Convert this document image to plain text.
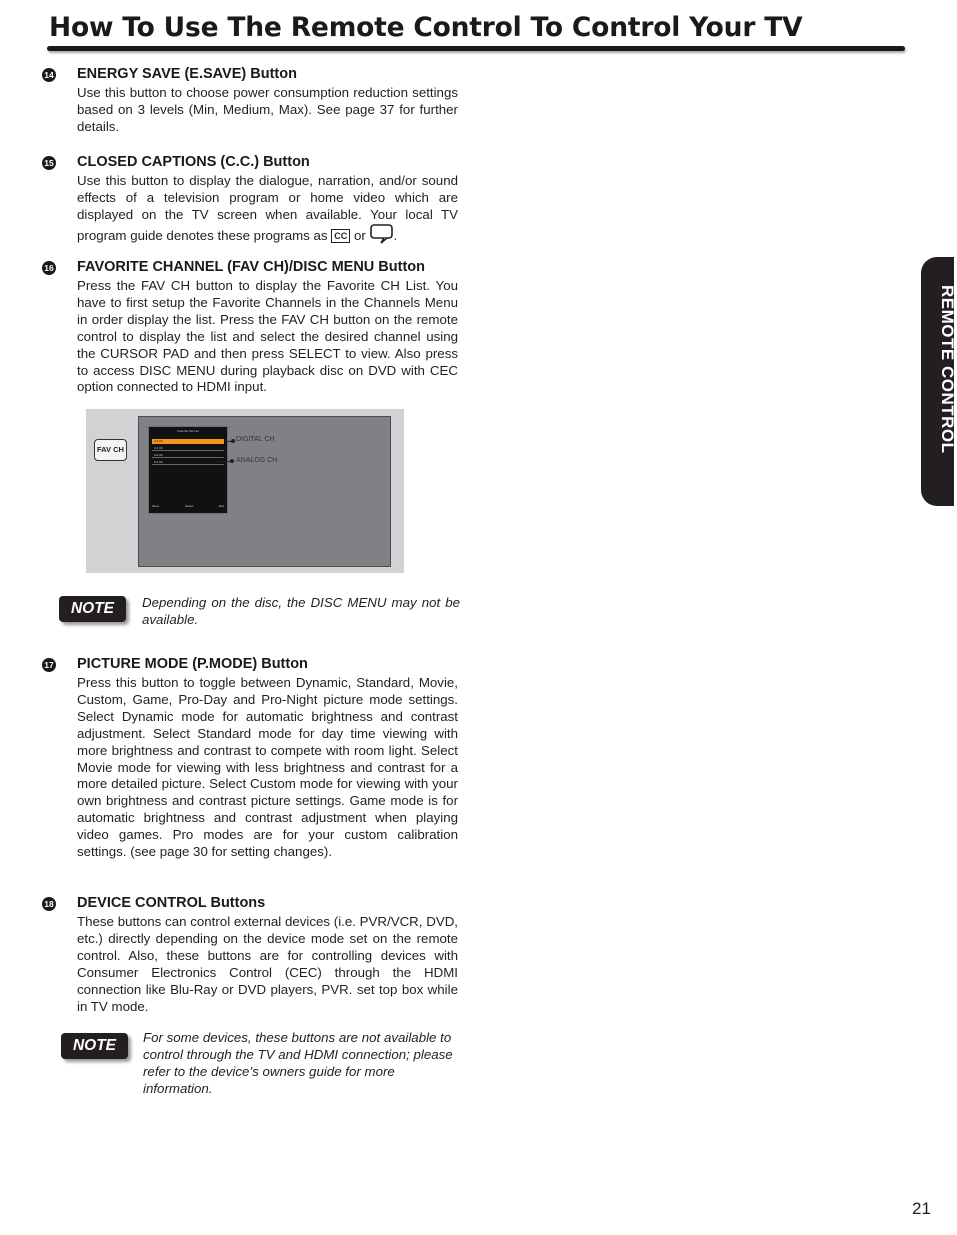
How To Use The Remote Control To Control Your TV
REMOTE CONTROL
14 ENERGY SAVE (E.SAVE) Button
Use this button to choose power consumption reduction settings based on 3 levels (Min, Medium, Max). See page 37 for further details.
15 CLOSED CAPTIONS (C.C.) Button
Use this button to display the dialogue, narration, and/or sound effects of a television program or home video which are displayed on the TV screen when available. Your local TV program guide denotes these programs as CC or .
16 FAVORITE CHANNEL (FAV CH)/DISC MENU Button
Press the FAV CH button to display the Favorite CH List. You have to first setup the Favorite Channels in the Channels Menu in order display the list. Press the FAV CH button on the remote control to display the list and select the desired channel using the CURSOR PAD and then press SELECT to view. Also press to access DISC MENU during playback disc on DVD with CEC option connected to HDMI input.
FAV CH
Favorite CH List
2-1 Ch
3-1 Ch
4-0 Ch
5-1 Ch
Move	Select	Exit
DIGITAL CH
ANALOG CH
NOTE	Depending on the disc, the DISC MENU may not be available.
17 PICTURE MODE (P.MODE) Button
Press this button to toggle between Dynamic, Standard, Movie, Custom, Game, Pro-Day and Pro-Night picture mode settings. Select Dynamic mode for automatic brightness and contrast adjustment. Select Standard mode for day time viewing with more brightness and contrast to compete with room light. Select Movie mode for viewing with less brightness and contrast for a more detailed picture. Select Custom mode for viewing with your own brightness and contrast picture settings. Game mode is for automatic brightness and contrast adjustment when playing video games. Pro modes are for your custom calibration settings. (see page 30 for setting changes).
18 DEVICE CONTROL Buttons
These buttons can control external devices (i.e. PVR/VCR, DVD, etc.) directly depending on the device mode set on the remote control. Also, these buttons are for controlling devices with Consumer Electronics Control (CEC) through the HDMI connection like Blu-Ray or DVD players, PVR. set top box while in TV mode.
NOTE	For some devices, these buttons are not available to control through the TV and HDMI connection; please refer to the device’s owners guide for more information.
21
